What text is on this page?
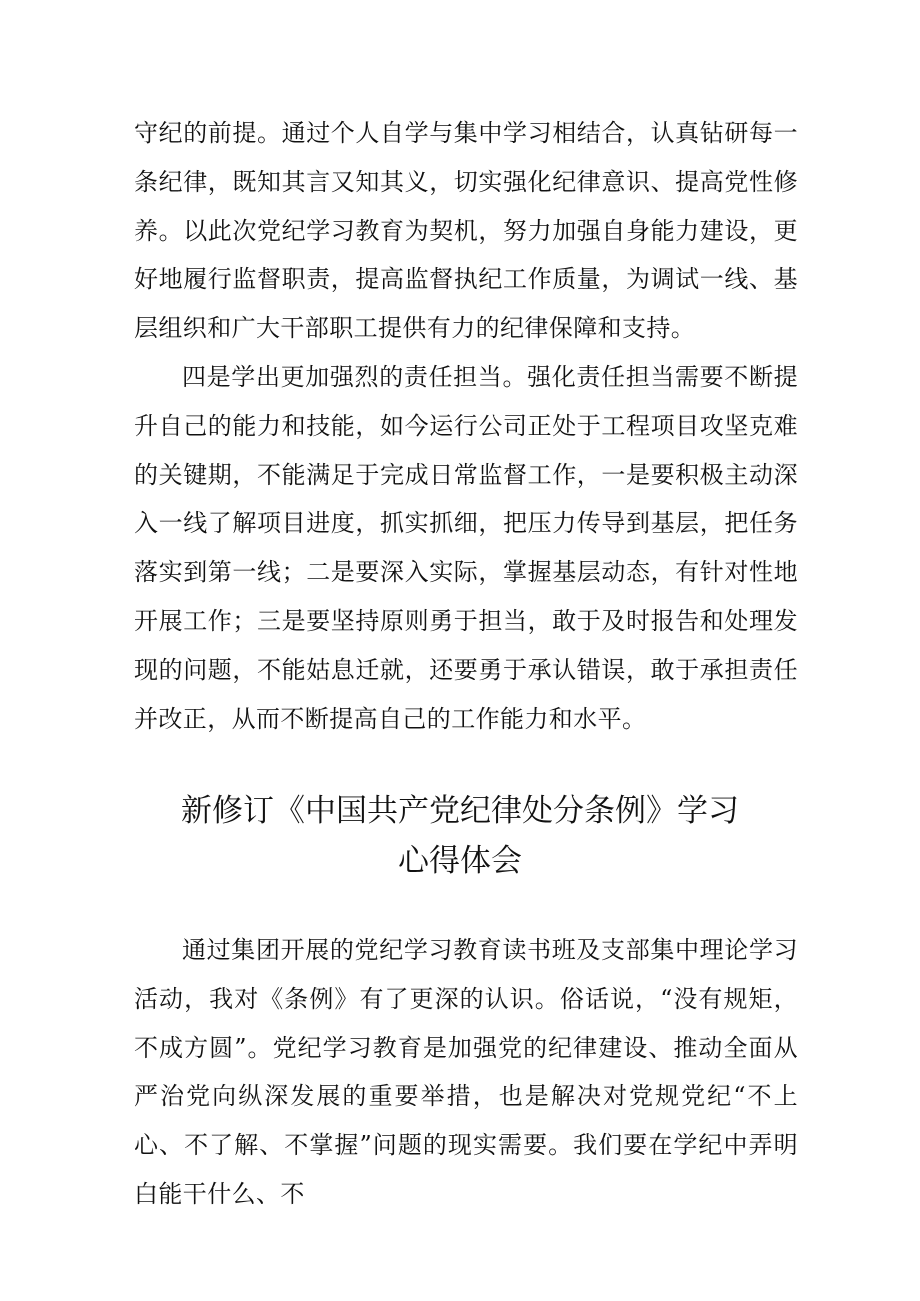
守纪的前提。通过个人自学与集中学习相结合，认真钻研每一条纪律，既知其言又知其义，切实强化纪律意识、提高党性修养。以此次党纪学习教育为契机，努力加强自身能力建设，更好地履行监督职责，提高监督执纪工作质量，为调试一线、基层组织和广大干部职工提供有力的纪律保障和支持。

四是学出更加强烈的责任担当。强化责任担当需要不断提升自己的能力和技能，如今运行公司正处于工程项目攻坚克难的关键期，不能满足于完成日常监督工作，一是要积极主动深入一线了解项目进度，抓实抓细，把压力传导到基层，把任务落实到第一线；二是要深入实际，掌握基层动态，有针对性地开展工作；三是要坚持原则勇于担当，敢于及时报告和处理发现的问题，不能姑息迁就，还要勇于承认错误，敢于承担责任并改正，从而不断提高自己的工作能力和水平。

新修订《中国共产党纪律处分条例》学习
心得体会

通过集团开展的党纪学习教育读书班及支部集中理论学习活动，我对《条例》有了更深的认识。俗话说，“没有规矩，不成方圆”。党纪学习教育是加强党的纪律建设、推动全面从严治党向纵深发展的重要举措，也是解决对党规党纪“不上心、不了解、不掌握”问题的现实需要。我们要在学纪中弄明白能干什么、不
